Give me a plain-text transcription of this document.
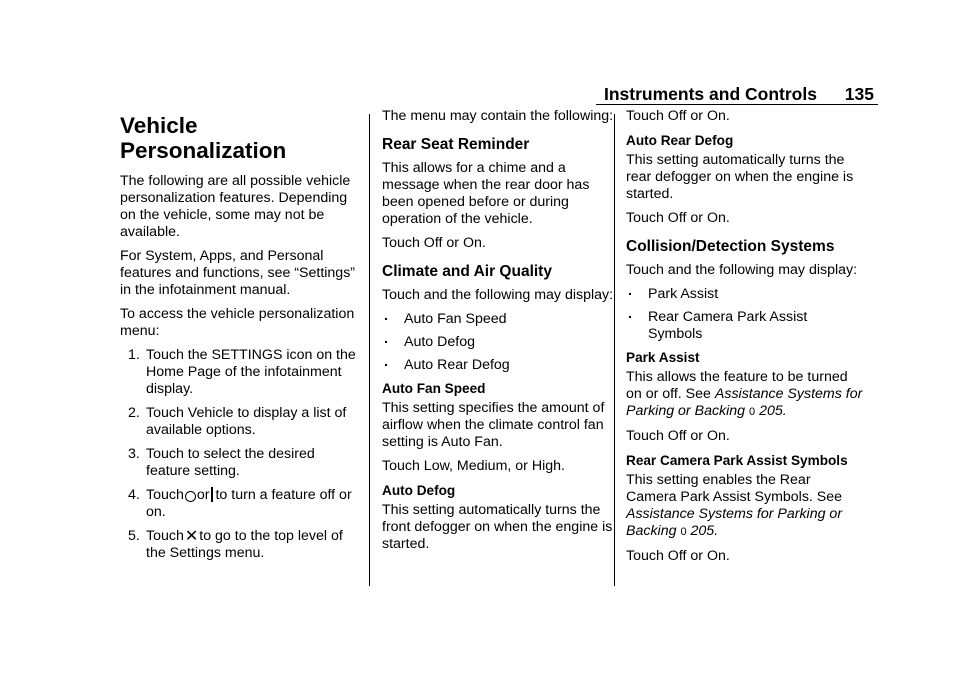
Instruments and Controls 135
Vehicle Personalization

The following are all possible vehicle personalization features. Depending on the vehicle, some may not be available.

For System, Apps, and Personal features and functions, see “Settings” in the infotainment manual.

To access the vehicle personalization menu:

1. Touch the SETTINGS icon on the Home Page of the infotainment display.
2. Touch Vehicle to display a list of available options.
3. Touch to select the desired feature setting.
4. Touch or to turn a feature off or on.
5. Touch✕to go to the top level of the Settings menu.

The menu may contain the following:

Rear Seat Reminder

This allows for a chime and a message when the rear door has been opened before or during operation of the vehicle.

Touch Off or On.

Climate and Air Quality

Touch and the following may display:

. Auto Fan Speed
. Auto Defog
. Auto Rear Defog
Auto Fan Speed

This setting specifies the amount of airflow when the climate control fan setting is Auto Fan.

Touch Low, Medium, or High.

Auto Defog

This setting automatically turns the front defogger on when the engine is started.

Touch Off or On.

Auto Rear Defog

This setting automatically turns the rear defogger on when the engine is started.

Touch Off or On.

Collision/Detection Systems

Touch and the following may display:

. Park Assist
. Rear Camera Park Assist Symbols
Park Assist

This allows the feature to be turned on or off. See Assistance Systems for Parking or Backing 0 205.

Touch Off or On.

Rear Camera Park Assist Symbols

This setting enables the Rear Camera Park Assist Symbols. See Assistance Systems for Parking or Backing 0 205.

Touch Off or On.
